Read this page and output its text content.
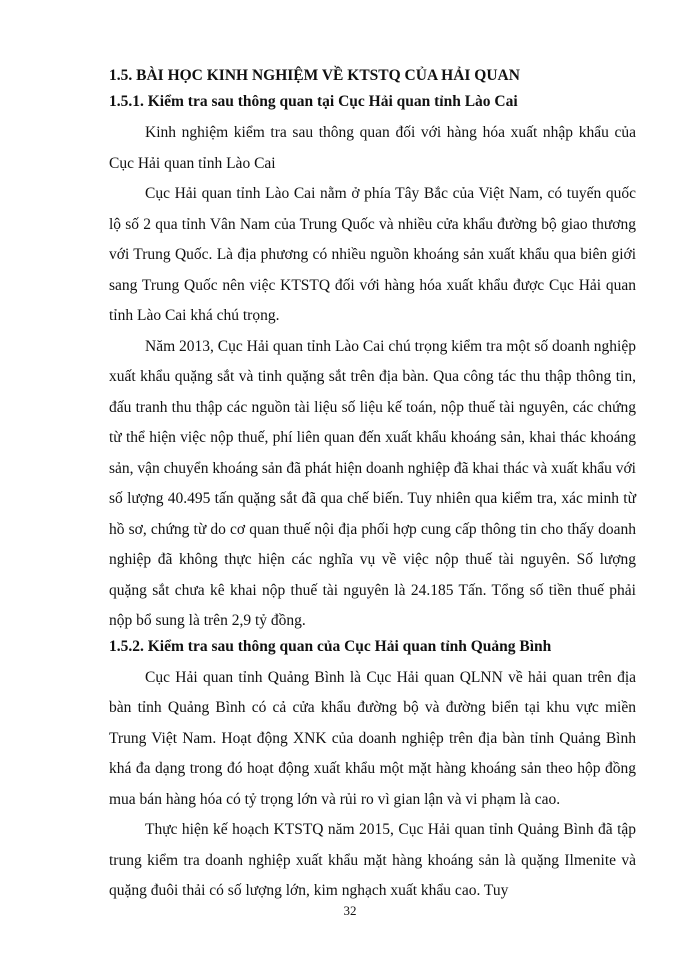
1.5. BÀI HỌC KINH NGHIỆM VỀ KTSTQ CỦA HẢI QUAN

1.5.1. Kiểm tra sau thông quan tại Cục Hải quan tỉnh Lào Cai

Kinh nghiệm kiểm tra sau thông quan đối với hàng hóa xuất nhập khẩu của Cục Hải quan tỉnh Lào Cai

Cục Hải quan tỉnh Lào Cai nằm ở phía Tây Bắc của Việt Nam, có tuyến quốc lộ số 2 qua tỉnh Vân Nam của Trung Quốc và nhiều cửa khẩu đường bộ giao thương với Trung Quốc. Là địa phương có nhiều nguồn khoáng sản xuất khẩu qua biên giới sang Trung Quốc nên việc KTSTQ đối với hàng hóa xuất khẩu được Cục Hải quan tỉnh Lào Cai khá chú trọng.

Năm 2013, Cục Hải quan tỉnh Lào Cai chú trọng kiểm tra một số doanh nghiệp xuất khẩu quặng sắt và tinh quặng sắt trên địa bàn. Qua công tác thu thập thông tin, đấu tranh thu thập các nguồn tài liệu số liệu kế toán, nộp thuế tài nguyên, các chứng từ thể hiện việc nộp thuế, phí liên quan đến xuất khẩu khoáng sản, khai thác khoáng sản, vận chuyển khoáng sản đã phát hiện doanh nghiệp đã khai thác và xuất khẩu với số lượng 40.495 tấn quặng sắt đã qua chế biến. Tuy nhiên qua kiểm tra, xác minh từ hồ sơ, chứng từ do cơ quan thuế nội địa phối hợp cung cấp thông tin cho thấy doanh nghiệp đã không thực hiện các nghĩa vụ về việc nộp thuế tài nguyên. Số lượng quặng sắt chưa kê khai nộp thuế tài nguyên là 24.185 Tấn. Tổng số tiền thuế phải nộp bổ sung là trên 2,9 tỷ đồng.

1.5.2. Kiểm tra sau thông quan của Cục Hải quan tỉnh Quảng Bình

Cục Hải quan tỉnh Quảng Bình là Cục Hải quan QLNN về hải quan trên địa bàn tỉnh Quảng Bình có cả cửa khẩu đường bộ và đường biển tại khu vực miền Trung Việt Nam. Hoạt động XNK của doanh nghiệp trên địa bàn tỉnh Quảng Bình khá đa dạng trong đó hoạt động xuất khẩu một mặt hàng khoáng sản theo hộp đồng mua bán hàng hóa có tỷ trọng lớn và rủi ro vì gian lận và vi phạm là cao.

Thực hiện kế hoạch KTSTQ năm 2015, Cục Hải quan tỉnh Quảng Bình đã tập trung kiểm tra doanh nghiệp xuất khẩu mặt hàng khoáng sản là quặng Ilmenite và quặng đuôi thải có số lượng lớn, kim nghạch xuất khẩu cao. Tuy

32
